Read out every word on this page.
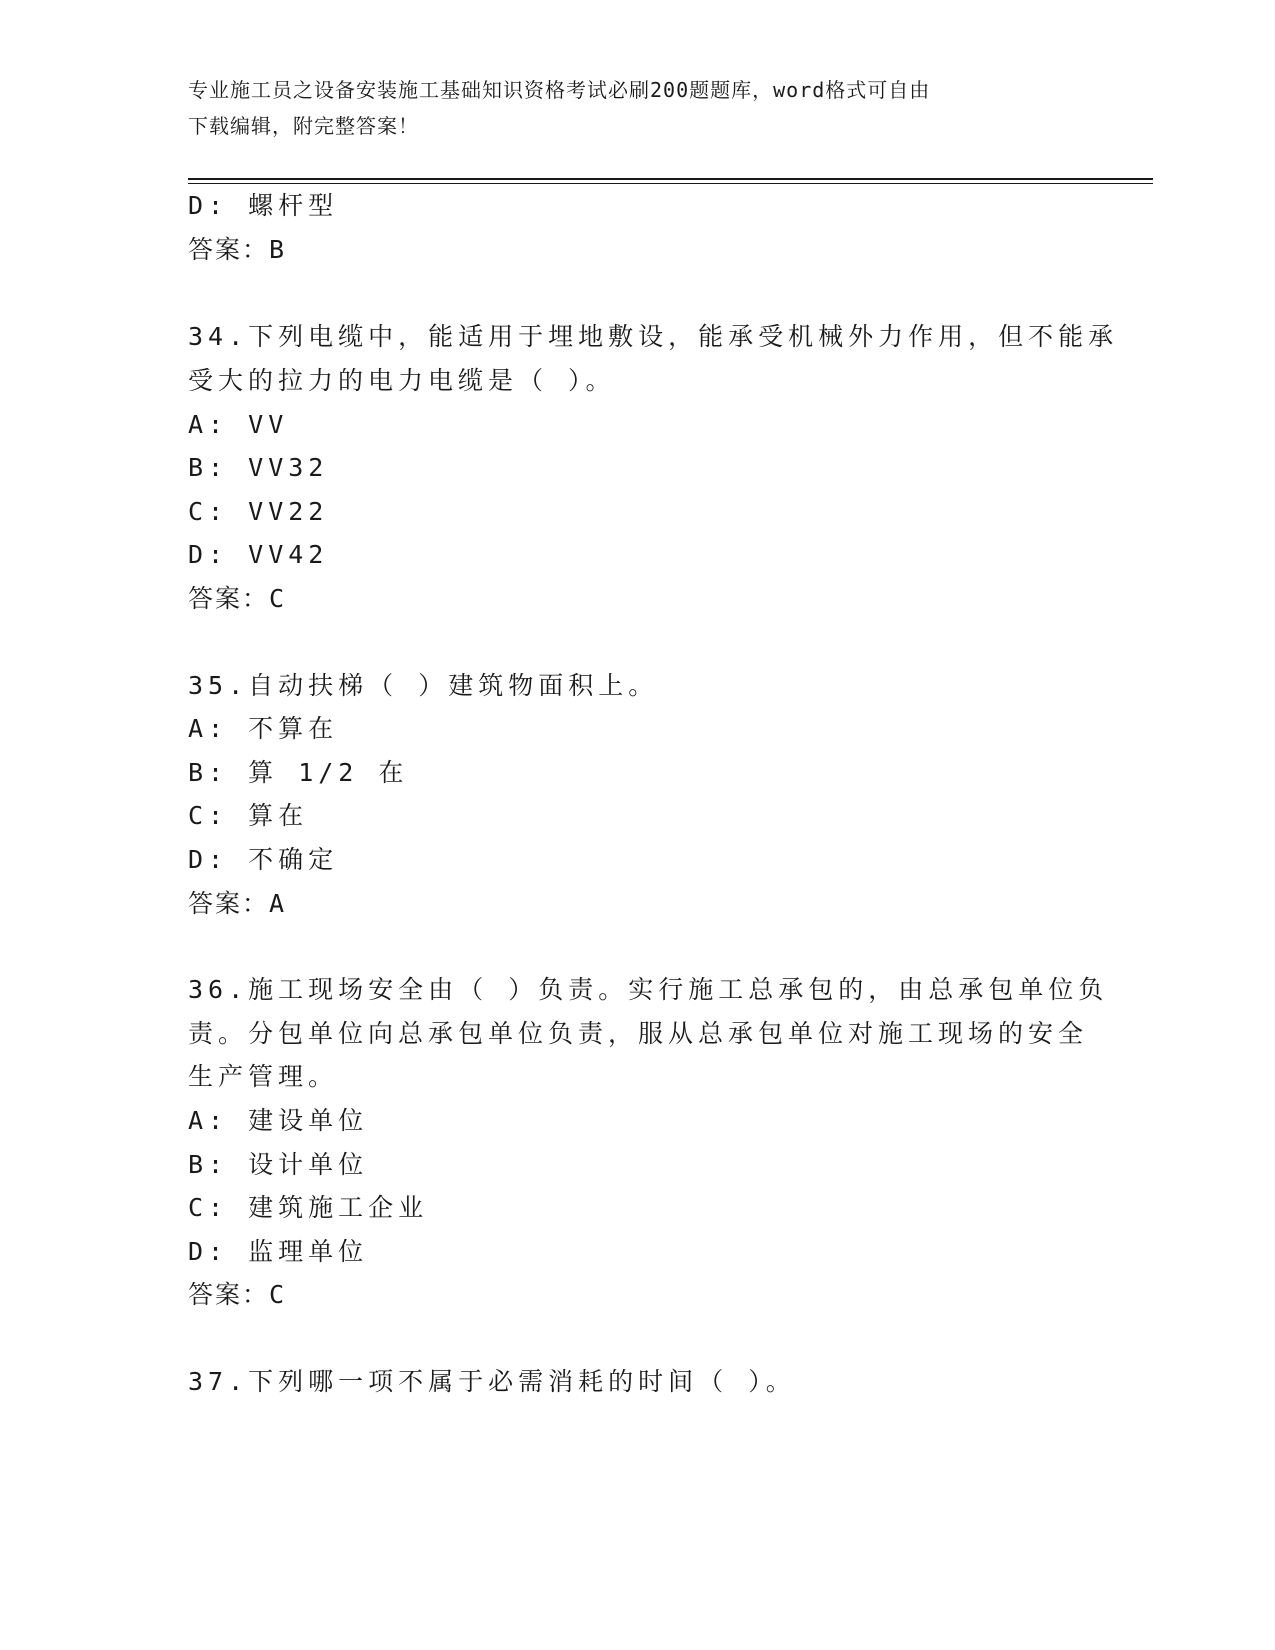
专业施工员之设备安装施工基础知识资格考试必刷200题题库，word格式可自由
下载编辑，附完整答案！
D: 螺杆型
答案：B
34.下列电缆中，能适用于埋地敷设，能承受机械外力作用，但不能承
受大的拉力的电力电缆是（ ）。
A: VV
B: VV32
C: VV22
D: VV42
答案：C
35.自动扶梯（ ）建筑物面积上。
A: 不算在
B: 算 1/2 在
C: 算在
D: 不确定
答案：A
36.施工现场安全由（ ）负责。实行施工总承包的，由总承包单位负
责。分包单位向总承包单位负责，服从总承包单位对施工现场的安全
生产管理。
A: 建设单位
B: 设计单位
C: 建筑施工企业
D: 监理单位
答案：C
37.下列哪一项不属于必需消耗的时间（ ）。
